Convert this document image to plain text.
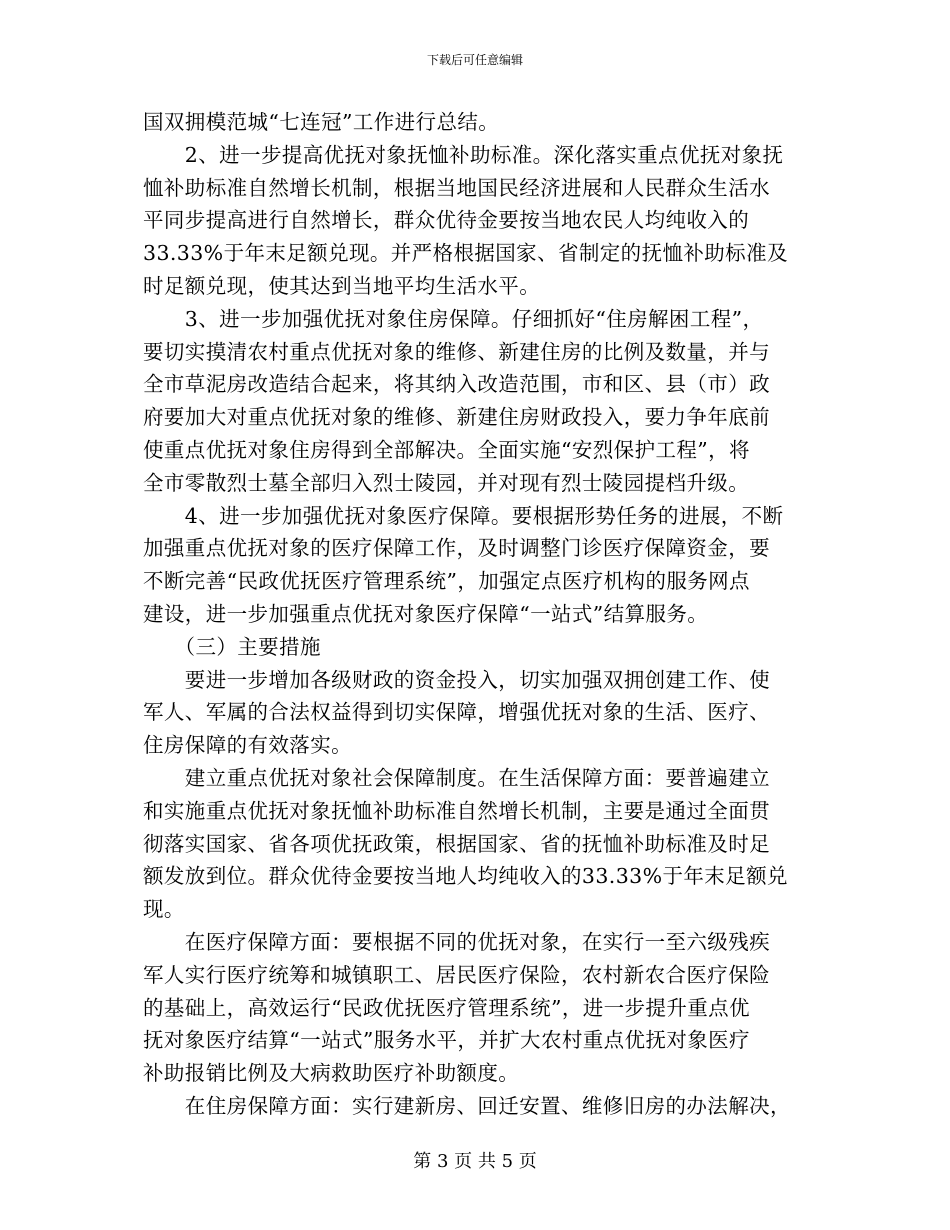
下载后可任意编辑
国双拥模范城“七连冠”工作进行总结。
　　2、进一步提高优抚对象抚恤补助标准。深化落实重点优抚对象抚
恤补助标准自然增长机制，根据当地国民经济进展和人民群众生活水
平同步提高进行自然增长，群众优待金要按当地农民人均纯收入的
33.33%于年末足额兑现。并严格根据国家、省制定的抚恤补助标准及
时足额兑现，使其达到当地平均生活水平。
　　3、进一步加强优抚对象住房保障。仔细抓好“住房解困工程”，
要切实摸清农村重点优抚对象的维修、新建住房的比例及数量，并与
全市草泥房改造结合起来，将其纳入改造范围，市和区、县（市）政
府要加大对重点优抚对象的维修、新建住房财政投入，要力争年底前
使重点优抚对象住房得到全部解决。全面实施“安烈保护工程”，将
全市零散烈士墓全部归入烈士陵园，并对现有烈士陵园提档升级。
　　4、进一步加强优抚对象医疗保障。要根据形势任务的进展，不断
加强重点优抚对象的医疗保障工作，及时调整门诊医疗保障资金，要
不断完善“民政优抚医疗管理系统”，加强定点医疗机构的服务网点
建设，进一步加强重点优抚对象医疗保障“一站式”结算服务。
　　（三）主要措施
　　要进一步增加各级财政的资金投入，切实加强双拥创建工作、使
军人、军属的合法权益得到切实保障，增强优抚对象的生活、医疗、
住房保障的有效落实。
　　建立重点优抚对象社会保障制度。在生活保障方面：要普遍建立
和实施重点优抚对象抚恤补助标准自然增长机制，主要是通过全面贯
彻落实国家、省各项优抚政策，根据国家、省的抚恤补助标准及时足
额发放到位。群众优待金要按当地人均纯收入的33.33%于年末足额兑
现。
　　在医疗保障方面：要根据不同的优抚对象，在实行一至六级残疾
军人实行医疗统筹和城镇职工、居民医疗保险，农村新农合医疗保险
的基础上，高效运行“民政优抚医疗管理系统”，进一步提升重点优
抚对象医疗结算“一站式”服务水平，并扩大农村重点优抚对象医疗
补助报销比例及大病救助医疗补助额度。
　　在住房保障方面：实行建新房、回迁安置、维修旧房的办法解决，
第 3 页 共 5 页
